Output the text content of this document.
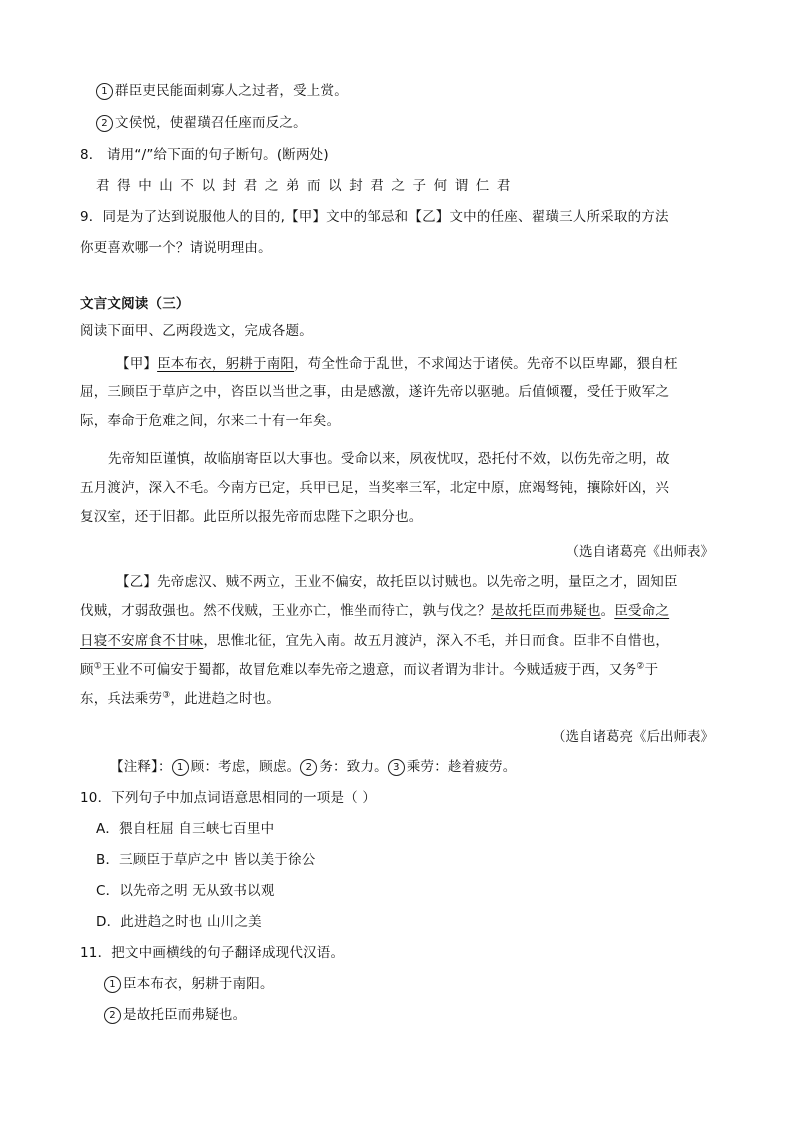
1 群臣吏民能面刺寡人之过者，受上赏。
2 文侯悦，使翟璜召任座而反之。
8． 请用“/”给下面的句子断句。(断两处)
君得中山不以封君之弟而以封君之子何谓仁君
9．同是为了达到说服他人的目的,【甲】文中的邹忌和【乙】文中的任座、翟璜三人所采取的方法
你更喜欢哪一个？请说明理由。
文言文阅读（三）
阅读下面甲、乙两段选文，完成各题。
【甲】臣本布衣，躬耕于南阳，苟全性命于乱世，不求闻达于诸侯。先帝不以臣卑鄙，猥自枉
屈，三顾臣于草庐之中，咨臣以当世之事，由是感激，遂许先帝以驱驰。后值倾覆，受任于败军之
际，奉命于危难之间，尔来二十有一年矣。
先帝知臣谨慎，故临崩寄臣以大事也。受命以来，夙夜忧叹，恐托付不效，以伤先帝之明，故
五月渡泸，深入不毛。今南方已定，兵甲已足，当奖率三军，北定中原，庶竭驽钝，攘除奸凶，兴
复汉室，还于旧都。此臣所以报先帝而忠陛下之职分也。
（选自诸葛亮《出师表》
【乙】先帝虑汉、贼不两立，王业不偏安，故托臣以讨贼也。以先帝之明，量臣之才，固知臣
伐贼，才弱敌强也。然不伐贼，王业亦亡，惟坐而待亡，孰与伐之？是故托臣而弗疑也。臣受命之
日寝不安席食不甘味，思惟北征，宜先入南。故五月渡泸，深入不毛，并日而食。臣非不自惜也，
顾①王业不可偏安于蜀都，故冒危难以奉先帝之遗意，而议者谓为非计。今贼适疲于西，又务②于
东，兵法乘劳③，此进趋之时也。
（选自诸葛亮《后出师表》
【注释】： 1 顾：考虑，顾虑。 2 务：致力。 3 乘劳：趁着疲劳。
10．下列句子中加点词语意思相同的一项是（ ）
A．猥自枉屈 自三峡七百里中
B．三顾臣于草庐之中 皆以美于徐公
C．以先帝之明 无从致书以观
D．此进趋之时也 山川之美
11．把文中画横线的句子翻译成现代汉语。
1 臣本布衣，躬耕于南阳。
2 是故托臣而弗疑也。
